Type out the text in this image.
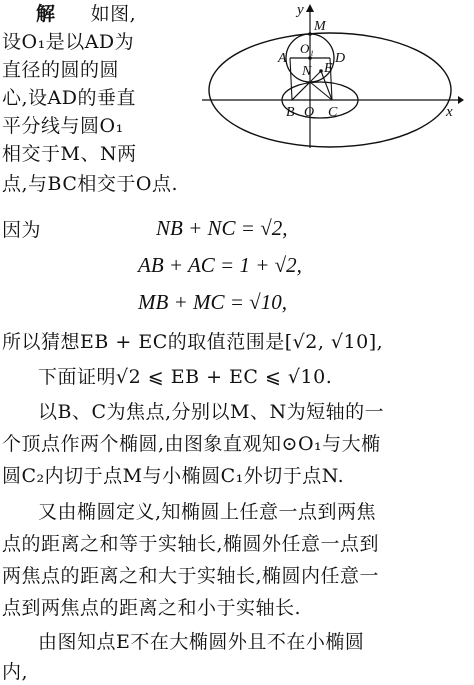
解 如图,
设O₁是以AD为
直径的圆的圆
心,设AD的垂直
平分线与圆O₁
相交于M、N两
点,与BC相交于O点.
y
x
M
O₁
A	D
N E
B O C
因为	NB + NC = √2,
AB + AC = 1 + √2,
MB + MC = √10,
所以猜想EB + EC的取值范围是[√2, √10],
下面证明√2 ⩽ EB + EC ⩽ √10.
以B、C为焦点,分别以M、N为短轴的一
个顶点作两个椭圆,由图象直观知⊙O₁与大椭
圆C₂内切于点M与小椭圆C₁外切于点N.
又由椭圆定义,知椭圆上任意一点到两焦
点的距离之和等于实轴长,椭圆外任意一点到
两焦点的距离之和大于实轴长,椭圆内任意一
点到两焦点的距离之和小于实轴长.
由图知点E不在大椭圆外且不在小椭圆
内,
